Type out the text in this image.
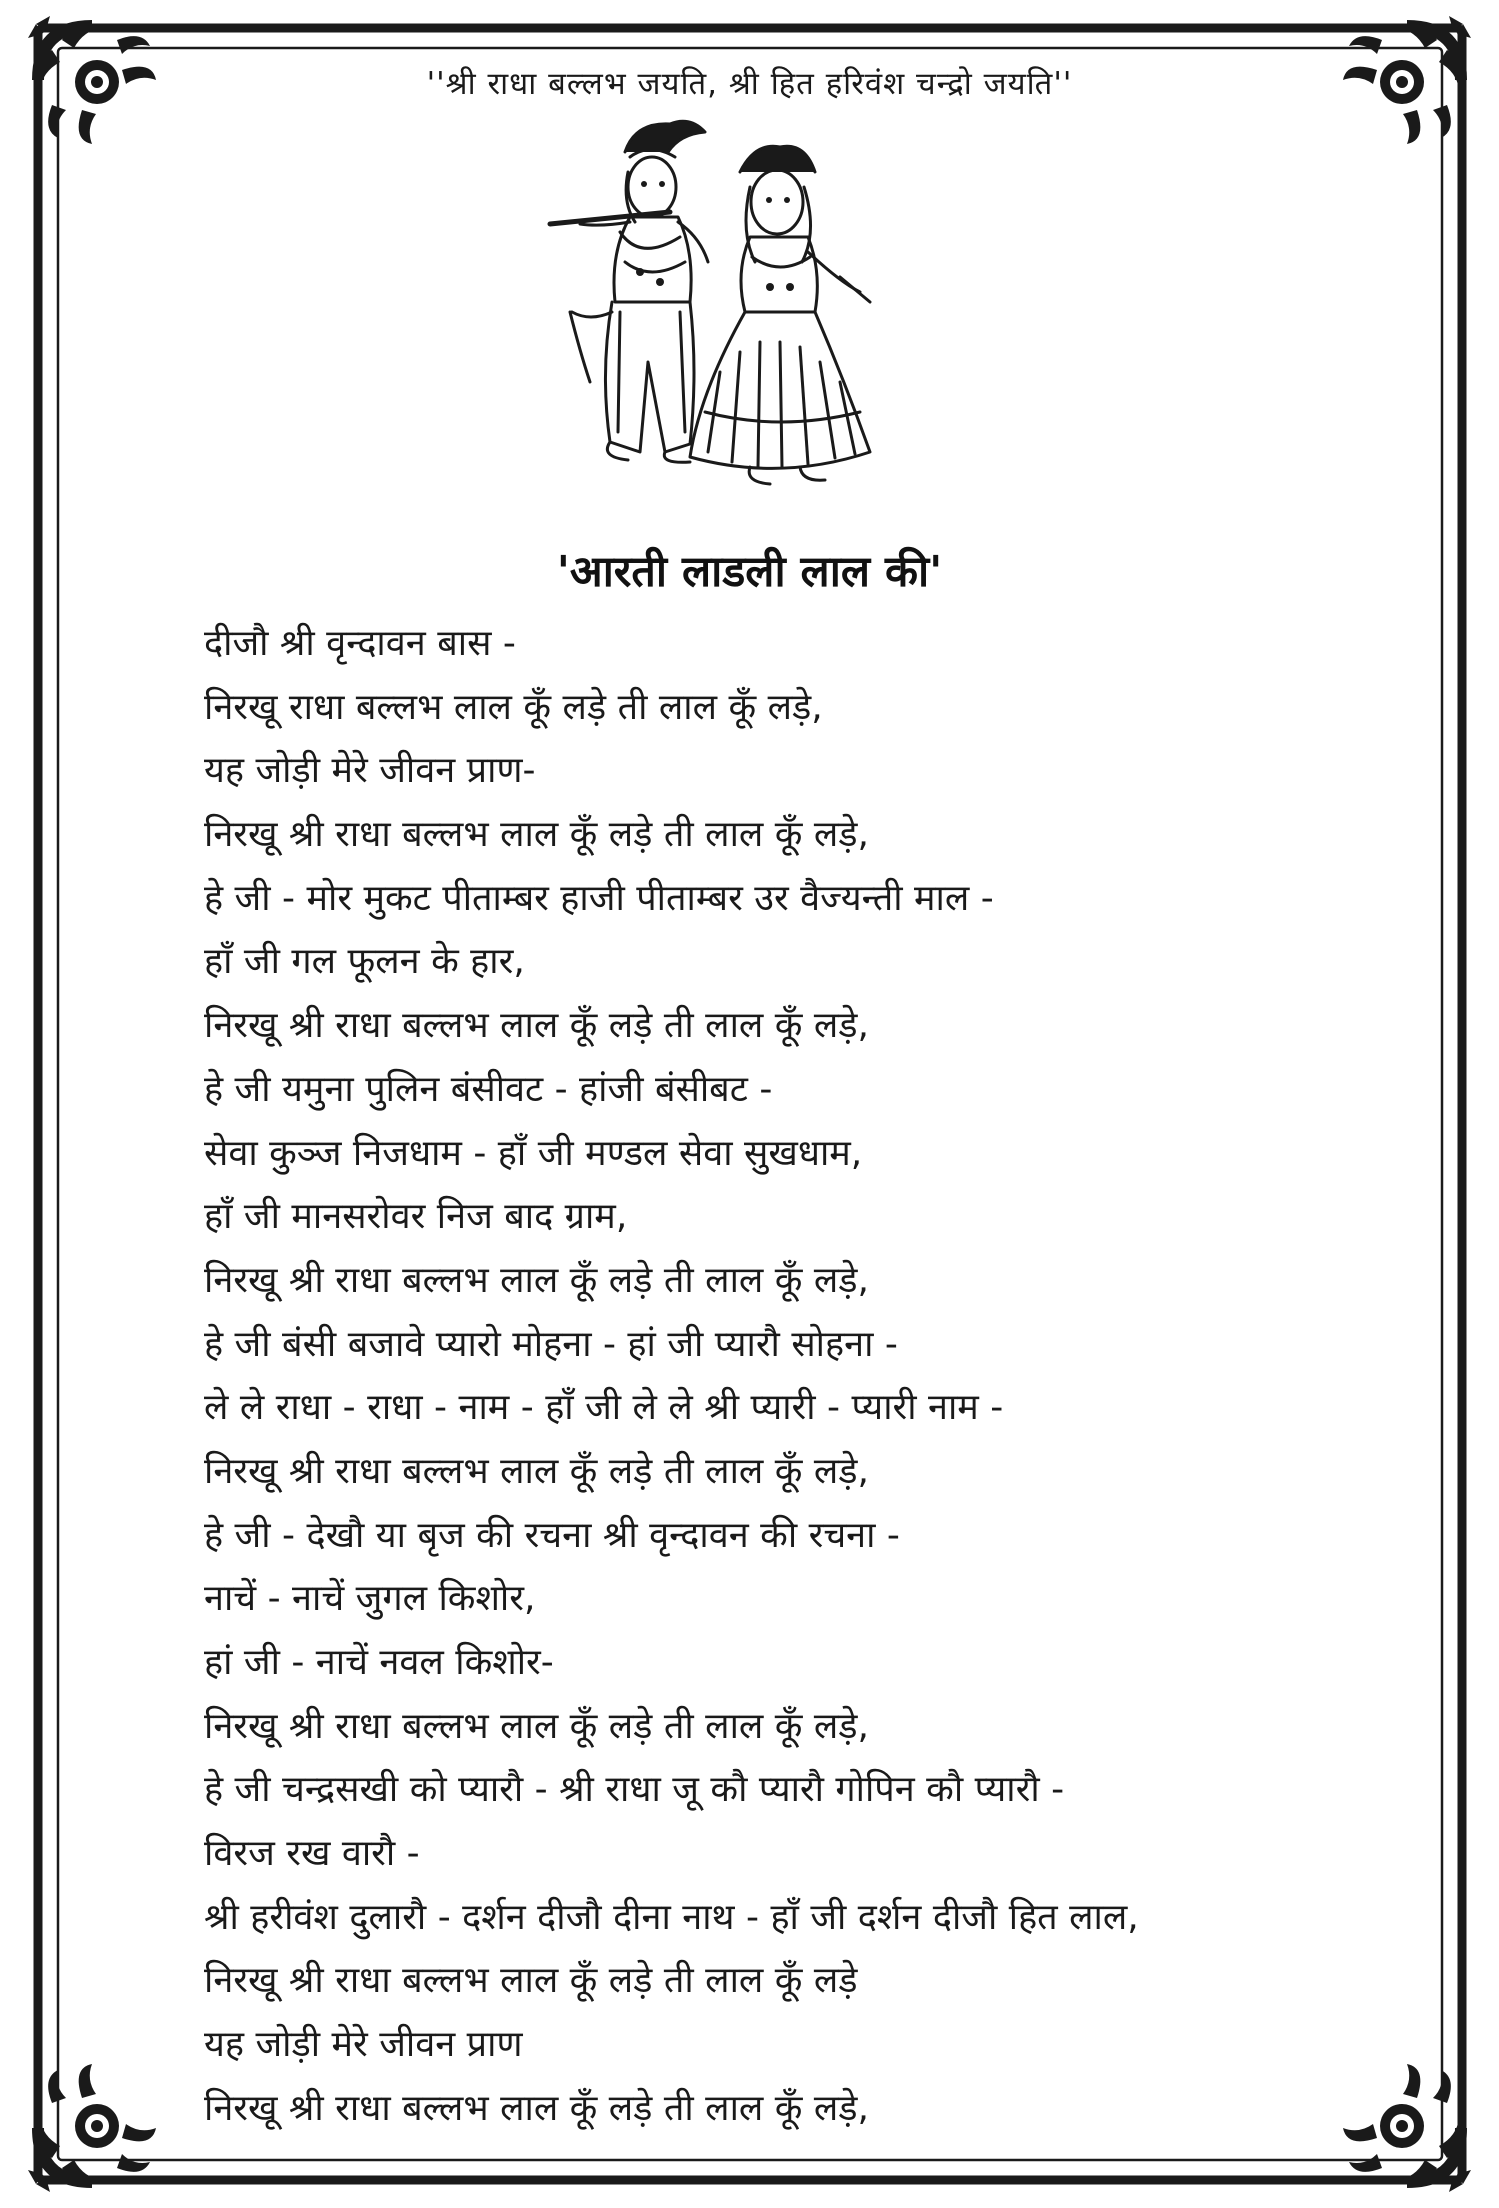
''श्री राधा बल्लभ जयति, श्री हित हरिवंश चन्द्रो जयति''
'आरती लाडली लाल की'
दीजौ श्री वृन्दावन बास -
निरखू राधा बल्लभ लाल कूँ लड़े ती लाल कूँ लड़े,
यह जोड़ी मेरे जीवन प्राण-
निरखू श्री राधा बल्लभ लाल कूँ लड़े ती लाल कूँ लड़े,
हे जी - मोर मुकट पीताम्बर हाजी पीताम्बर उर वैज्यन्ती माल -
हाँ जी गल फूलन के हार,
निरखू श्री राधा बल्लभ लाल कूँ लड़े ती लाल कूँ लड़े,
हे जी यमुना पुलिन बंसीवट - हांजी बंसीबट -
सेवा कुञ्ज निजधाम - हाँ जी मण्डल सेवा सुखधाम,
हाँ जी मानसरोवर निज बाद ग्राम,
निरखू श्री राधा बल्लभ लाल कूँ लड़े ती लाल कूँ लड़े,
हे जी बंसी बजावे प्यारो मोहना - हां जी प्यारौ सोहना -
ले ले राधा - राधा - नाम - हाँ जी ले ले श्री प्यारी - प्यारी नाम -
निरखू श्री राधा बल्लभ लाल कूँ लड़े ती लाल कूँ लड़े,
हे जी - देखौ या बृज की रचना श्री वृन्दावन की रचना -
नाचें - नाचें जुगल किशोर,
हां जी - नाचें नवल किशोर-
निरखू श्री राधा बल्लभ लाल कूँ लड़े ती लाल कूँ लड़े,
हे जी चन्द्रसखी को प्यारौ - श्री राधा जू कौ प्यारौ गोपिन कौ प्यारौ -
विरज रख वारौ -
श्री हरीवंश दुलारौ - दर्शन दीजौ दीना नाथ - हाँ जी दर्शन दीजौ हित लाल,
निरखू श्री राधा बल्लभ लाल कूँ लड़े ती लाल कूँ लड़े
यह जोड़ी मेरे जीवन प्राण
निरखू श्री राधा बल्लभ लाल कूँ लड़े ती लाल कूँ लड़े,
